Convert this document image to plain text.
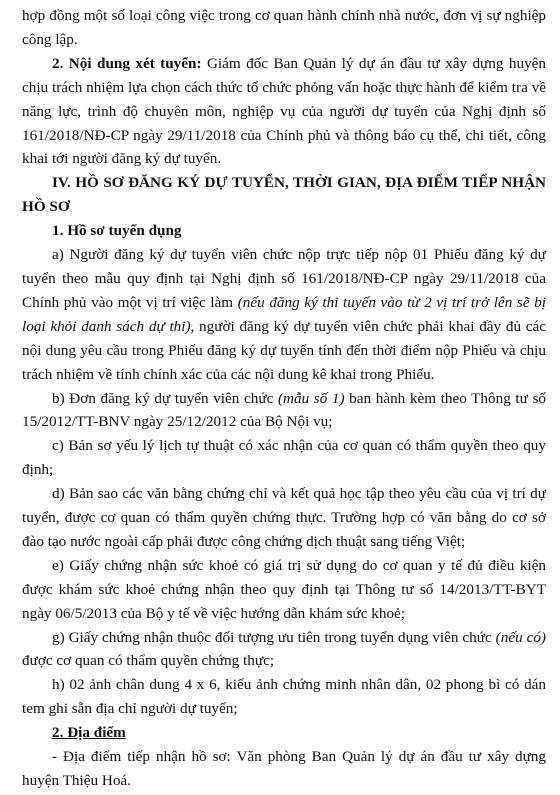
hợp đồng một số loại công việc trong cơ quan hành chính nhà nước, đơn vị sự nghiệp công lập.

2. Nội dung xét tuyển: Giám đốc Ban Quản lý dự án đầu tư xây dựng huyện chịu trách nhiệm lựa chọn cách thức tổ chức phỏng vấn hoặc thực hành để kiểm tra về năng lực, trình độ chuyên môn, nghiệp vụ của người dự tuyển của Nghị định số 161/2018/NĐ-CP ngày 29/11/2018 của Chính phủ và thông báo cụ thể, chi tiết, công khai tới người đăng ký dự tuyển.

IV. HỒ SƠ ĐĂNG KÝ DỰ TUYỂN, THỜI GIAN, ĐỊA ĐIỂM TIẾP NHẬN HỒ SƠ

1. Hồ sơ tuyển dụng

a) Người đăng ký dự tuyển viên chức nộp trực tiếp nộp 01 Phiếu đăng ký dự tuyển theo mẫu quy định tại Nghị định số 161/2018/NĐ-CP ngày 29/11/2018 của Chính phủ vào một vị trí việc làm (nếu đăng ký thi tuyển vào từ 2 vị trí trở lên sẽ bị loại khỏi danh sách dự thi), người đăng ký dự tuyển viên chức phải khai đầy đủ các nội dung yêu cầu trong Phiếu đăng ký dự tuyển tính đến thời điểm nộp Phiếu và chịu trách nhiệm về tính chính xác của các nội dung kê khai trong Phiếu.

b) Đơn đăng ký dự tuyển viên chức (mẫu số 1) ban hành kèm theo Thông tư số 15/2012/TT-BNV ngày 25/12/2012 của Bộ Nội vụ;

c) Bản sơ yếu lý lịch tự thuật có xác nhận của cơ quan có thẩm quyền theo quy định;

d) Bản sao các văn bằng chứng chỉ và kết quả học tập theo yêu cầu của vị trí dự tuyển, được cơ quan có thẩm quyền chứng thực. Trường hợp có văn bằng do cơ sở đào tạo nước ngoài cấp phải được công chứng dịch thuật sang tiếng Việt;

e) Giấy chứng nhận sức khoẻ có giá trị sử dụng do cơ quan y tế đủ điều kiện được khám sức khoẻ chứng nhận theo quy định tại Thông tư số 14/2013/TT-BYT ngày 06/5/2013 của Bộ y tế về việc hướng dẫn khám sức khoẻ;

g) Giấy chứng nhận thuộc đối tượng ưu tiên trong tuyển dụng viên chức (nếu có) được cơ quan có thẩm quyền chứng thực;

h) 02 ảnh chân dung 4 x 6, kiểu ảnh chứng minh nhân dân, 02 phong bì có dán tem ghi sẵn địa chỉ người dự tuyển;

2. Địa điểm

- Địa điểm tiếp nhận hồ sơ: Văn phòng Ban Quản lý dự án đầu tư xây dựng huyện Thiệu Hoá.
